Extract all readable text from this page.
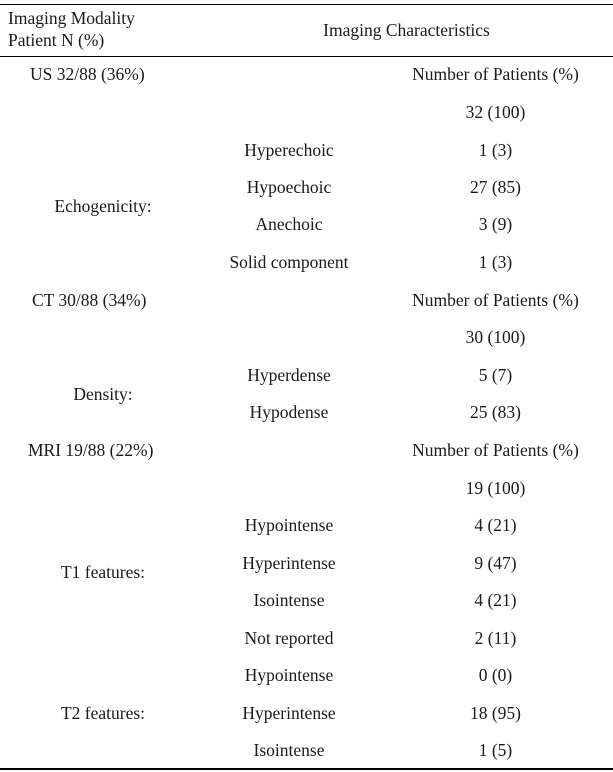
Imaging Modality
Patient N (%)	Imaging Characteristics
US 32/88 (36%)	Number of Patients (%)
32 (100)
Echogenicity:
Hyperechoic	1 (3)
Hypoechoic	27 (85)
Anechoic	3 (9)
Solid component	1 (3)
CT 30/88 (34%)	Number of Patients (%)
30 (100)
Density:
Hyperdense	5 (7)
Hypodense	25 (83)
MRI 19/88 (22%)	Number of Patients (%)
19 (100)
T1 features:
Hypointense	4 (21)
Hyperintense	9 (47)
Isointense	4 (21)
Not reported	2 (11)
T2 features:
Hypointense	0 (0)
Hyperintense	18 (95)
Isointense	1 (5)
